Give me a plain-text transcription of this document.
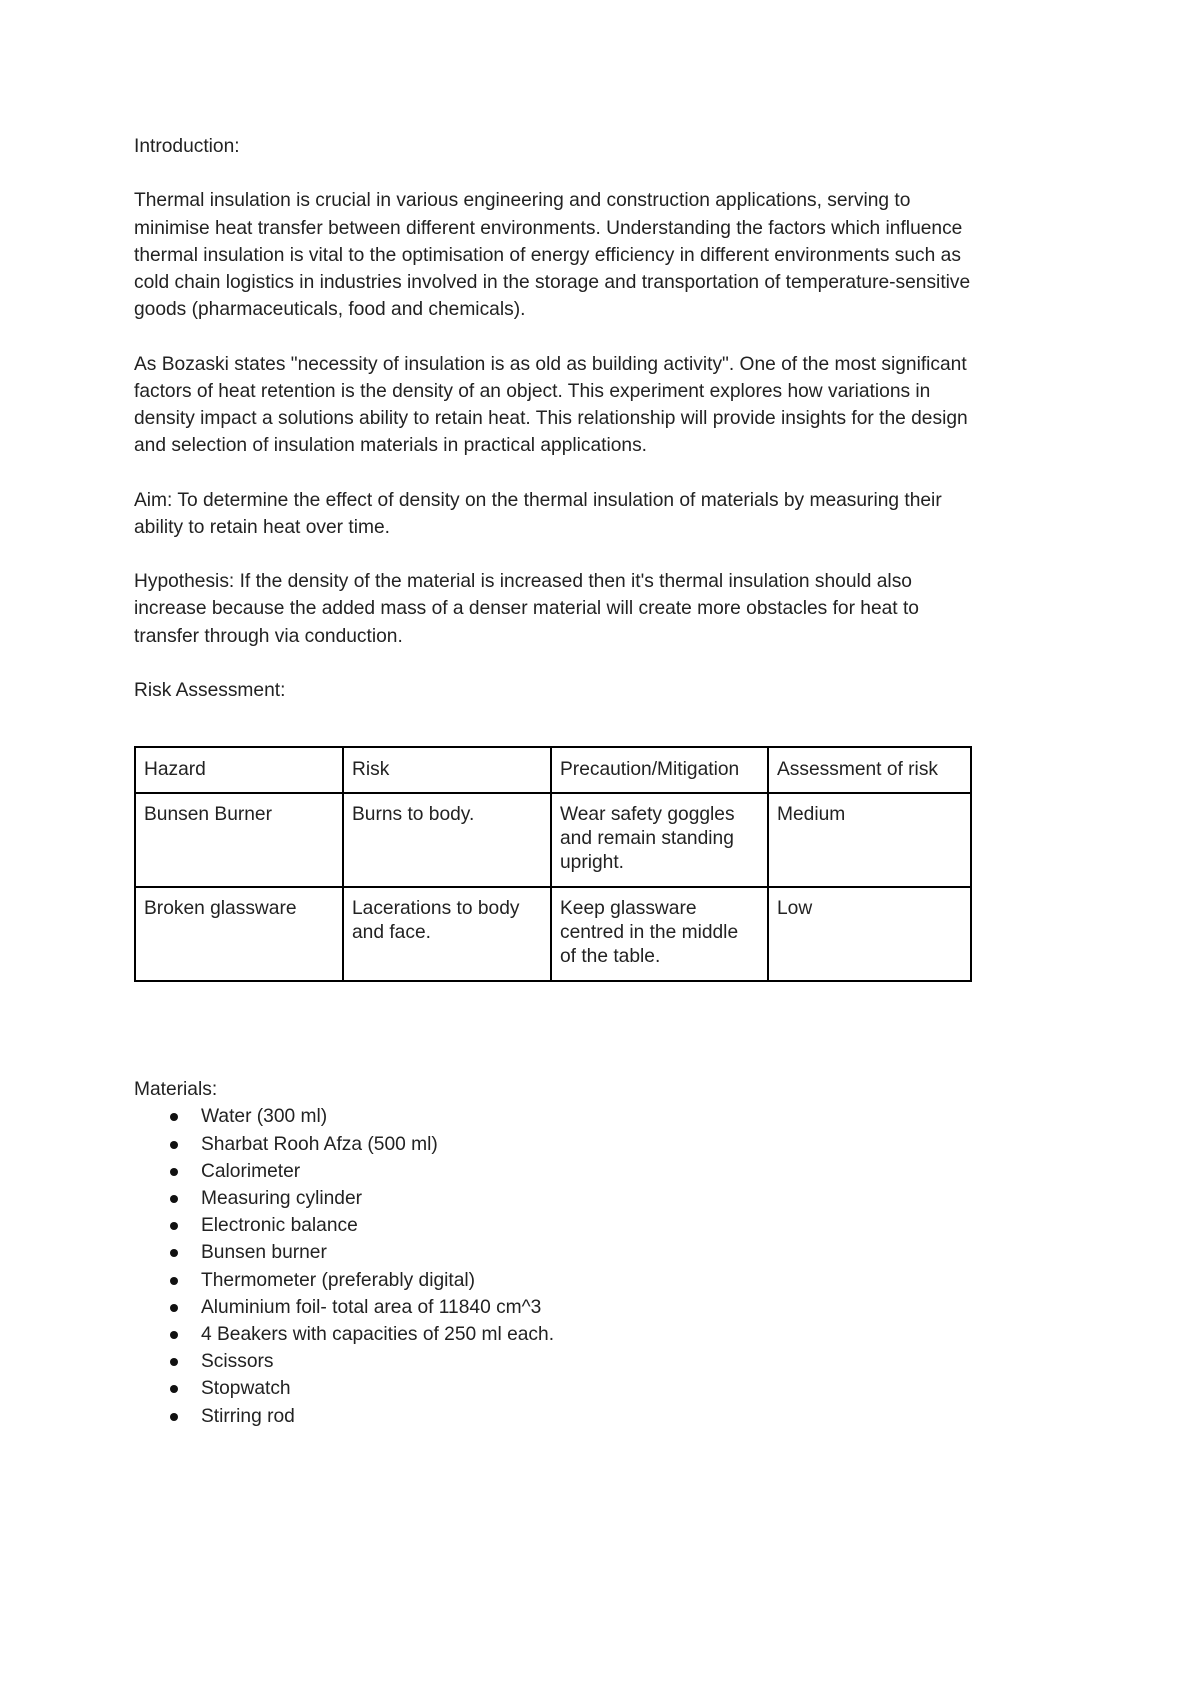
Introduction:

Thermal insulation is crucial in various engineering and construction applications, serving to minimise heat transfer between different environments. Understanding the factors which influence thermal insulation is vital to the optimisation of energy efficiency in different environments such as cold chain logistics in industries involved in the storage and transportation of temperature-sensitive goods (pharmaceuticals, food and chemicals).

As Bozaski states "necessity of insulation is as old as building activity". One of the most significant factors of heat retention is the density of an object. This experiment explores how variations in density impact a solutions ability to retain heat. This relationship will provide insights for the design and selection of insulation materials in practical applications.

Aim: To determine the effect of density on the thermal insulation of materials by measuring their ability to retain heat over time.

Hypothesis: If the density of the material is increased then it's thermal insulation should also increase because the added mass of a denser material will create more obstacles for heat to transfer through via conduction.

Risk Assessment:

Hazard	Risk	Precaution/Mitigation	Assessment of risk
Bunsen Burner	Burns to body.	Wear safety goggles and remain standing upright.	Medium
Broken glassware	Lacerations to body and face.	Keep glassware centred in the middle of the table.	Low
Materials:
Water (300 ml)
Sharbat Rooh Afza (500 ml)
Calorimeter
Measuring cylinder
Electronic balance
Bunsen burner
Thermometer (preferably digital)
Aluminium foil- total area of 11840 cm^3
4 Beakers with capacities of 250 ml each.
Scissors
Stopwatch
Stirring rod
